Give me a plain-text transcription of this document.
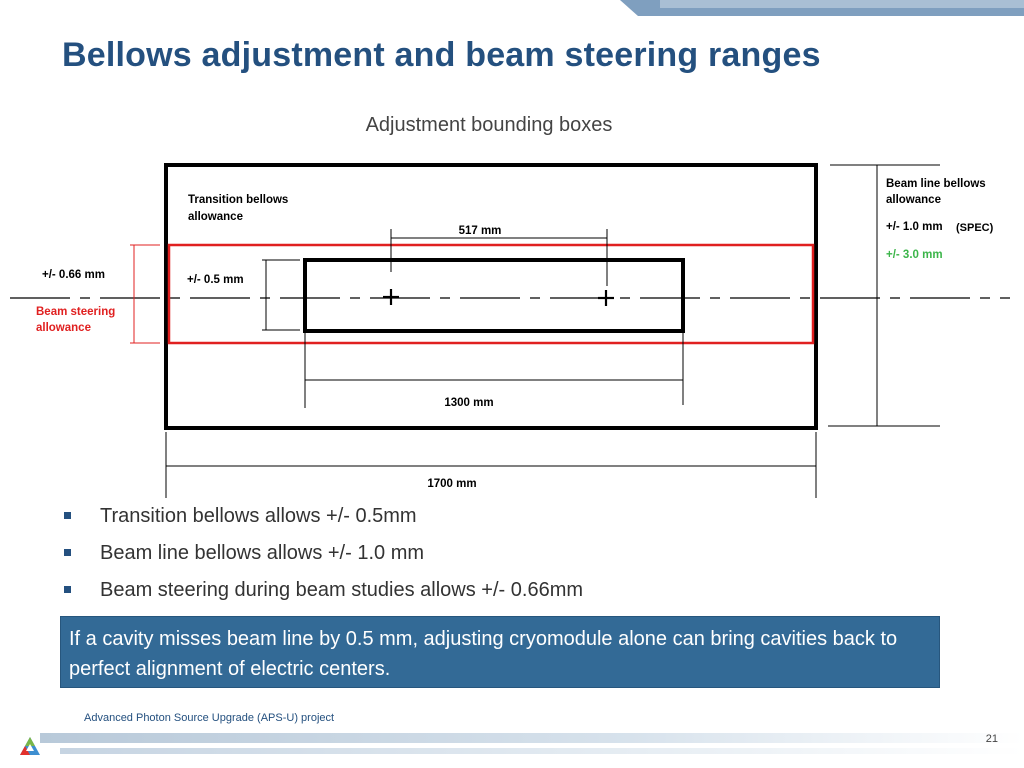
Bellows adjustment and beam steering ranges
Adjustment bounding boxes
517 mm
1300 mm
1700 mm
+/- 0.5 mm
+/- 0.66 mm
Beam steering
allowance
Transition bellows
allowance
Beam line bellows
allowance
+/- 1.0 mm (SPEC)
+/- 3.0 mm
Transition bellows allows +/- 0.5mm
Beam line bellows allows +/- 1.0 mm
Beam steering during beam studies allows +/- 0.66mm
If a cavity misses beam line by 0.5 mm, adjusting cryomodule alone can bring cavities back to perfect alignment of electric centers.
Advanced Photon Source Upgrade (APS-U) project
21
